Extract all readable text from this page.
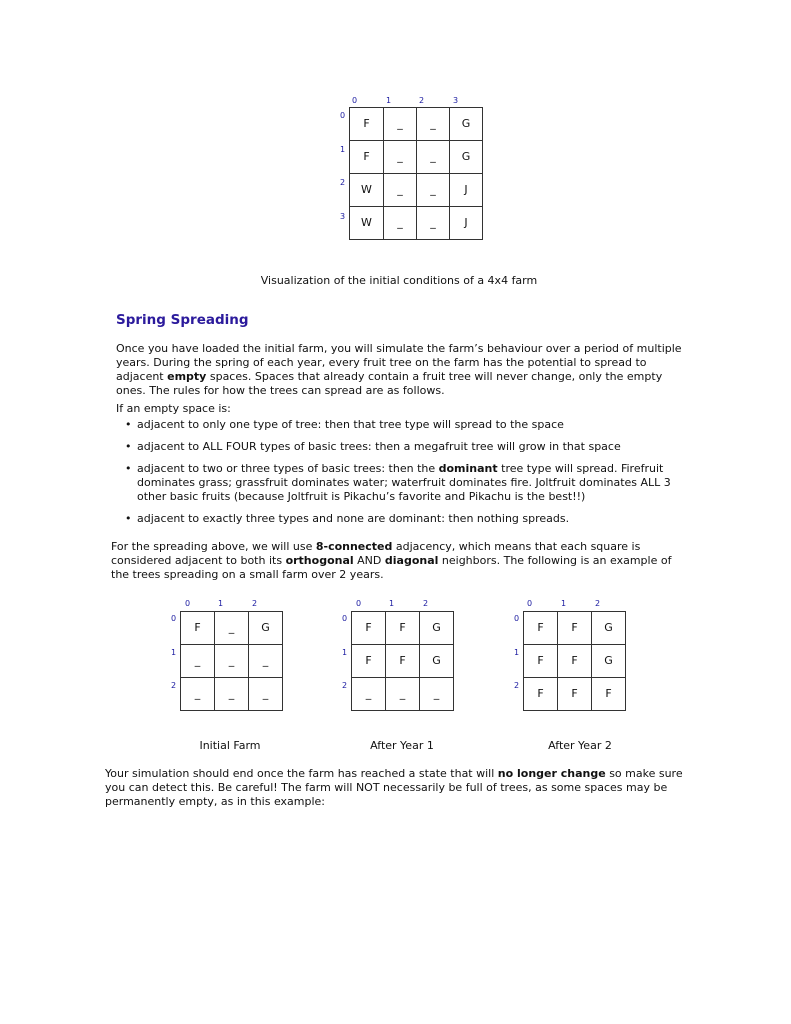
0	1	2	3
0
1
2
3
F	_	_	G
F	_	_	G
W	_	_	J
W	_	_	J
Visualization of the initial conditions of a 4x4 farm
Spring Spreading
Once you have loaded the initial farm, you will simulate the farm’s behaviour over a period of multiple years. During the spring of each year, every fruit tree on the farm has the potential to spread to adjacent empty spaces. Spaces that already contain a fruit tree will never change, only the empty ones. The rules for how the trees can spread are as follows.
If an empty space is:
• adjacent to only one type of tree: then that tree type will spread to the space
• adjacent to ALL FOUR types of basic trees: then a megafruit tree will grow in that space
• adjacent to two or three types of basic trees: then the dominant tree type will spread. Firefruit dominates grass; grassfruit dominates water; waterfruit dominates fire. Joltfruit dominates ALL 3 other basic fruits (because Joltfruit is Pikachu’s favorite and Pikachu is the best!!)
• adjacent to exactly three types and none are dominant: then nothing spreads.
For the spreading above, we will use 8-connected adjacency, which means that each square is considered adjacent to both its orthogonal AND diagonal neighbors. The following is an example of the trees spreading on a small farm over 2 years.
0	1	2
0
1
2
F	_	G
_	_	_
_	_	_
Initial Farm
0	1	2
0
1
2
F	F	G
F	F	G
_	_	_
After Year 1
0	1	2
0
1
2
F	F	G
F	F	G
F	F	F
After Year 2
Your simulation should end once the farm has reached a state that will no longer change so make sure you can detect this. Be careful! The farm will NOT necessarily be full of trees, as some spaces may be permanently empty, as in this example:
